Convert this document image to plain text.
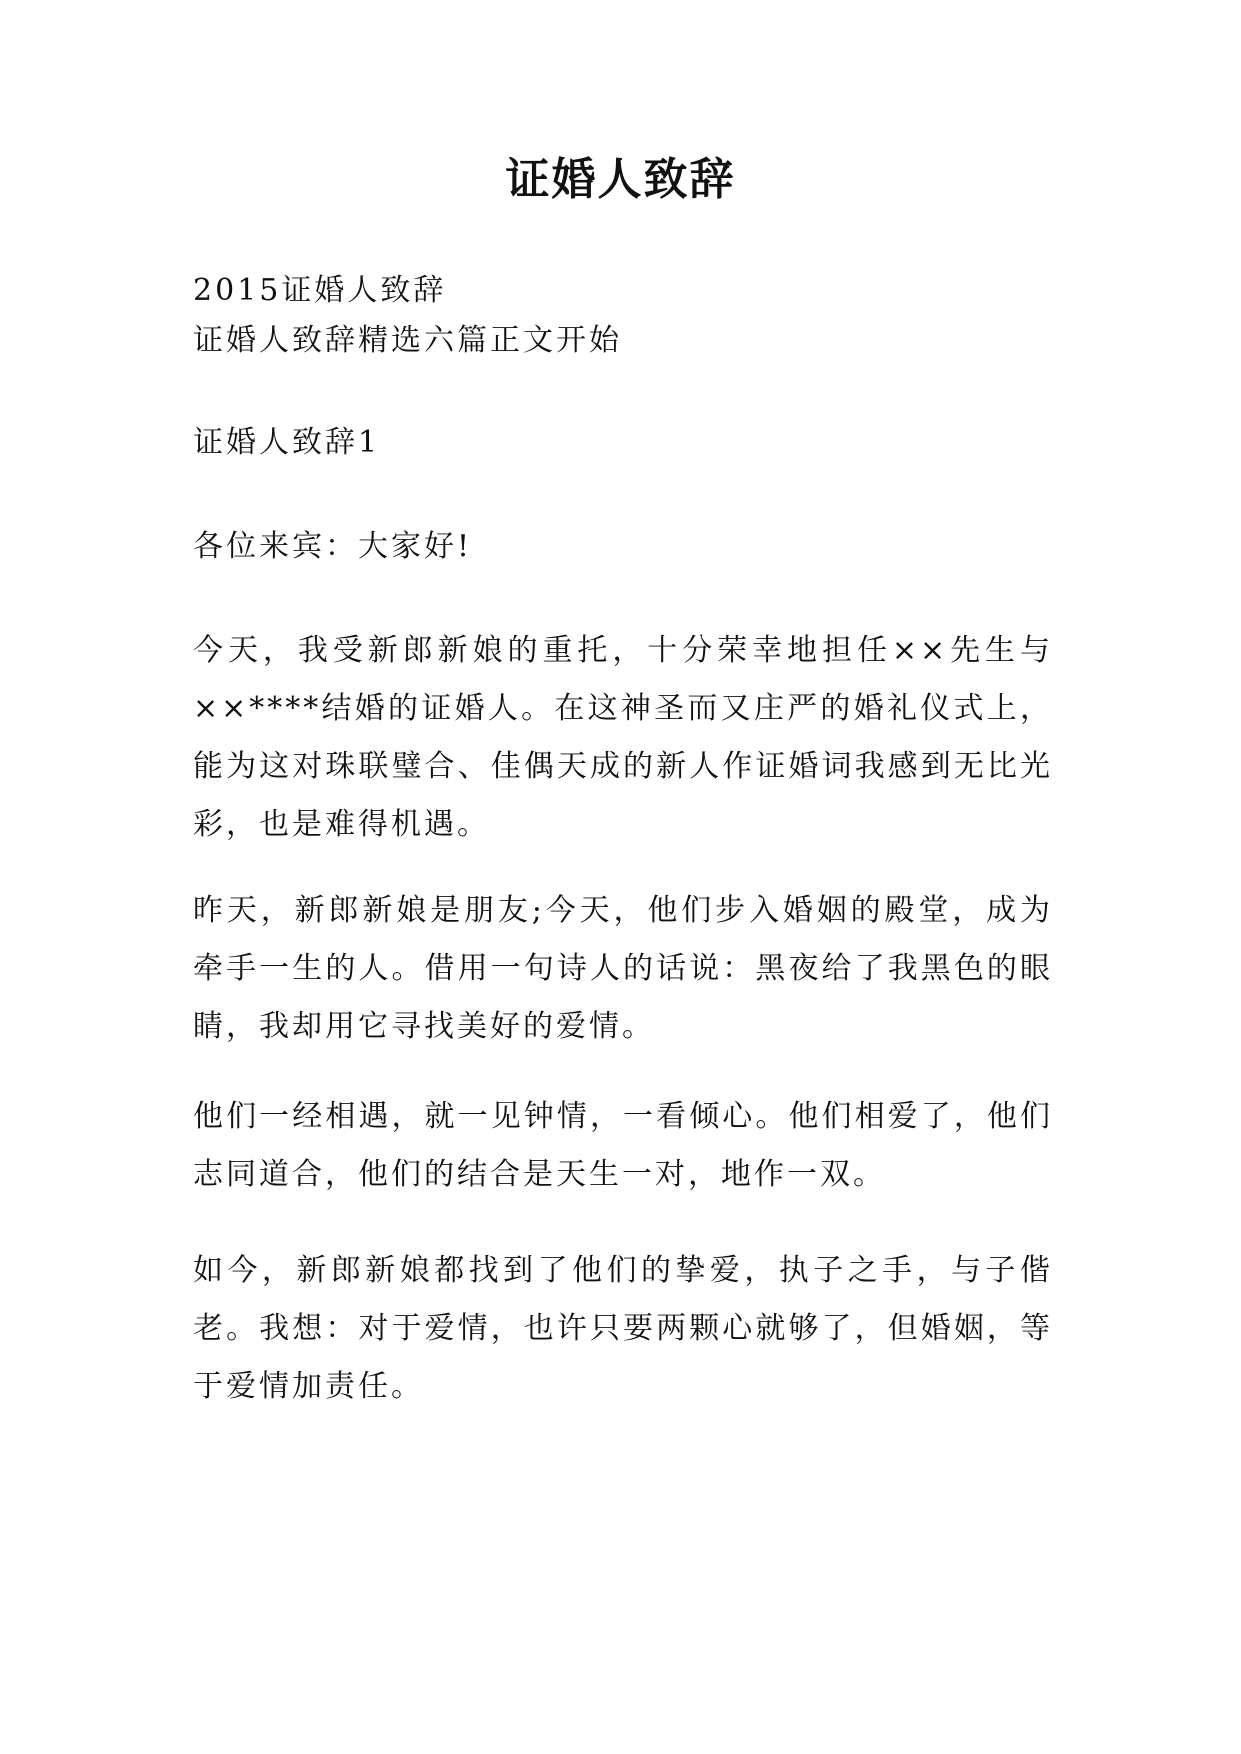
证婚人致辞

2015证婚人致辞

证婚人致辞精选六篇正文开始

证婚人致辞1

各位来宾：大家好!

今天，我受新郎新娘的重托，十分荣幸地担任××先生与××****结婚的证婚人。在这神圣而又庄严的婚礼仪式上，能为这对珠联璧合、佳偶天成的新人作证婚词我感到无比光彩，也是难得机遇。

昨天，新郎新娘是朋友;今天，他们步入婚姻的殿堂，成为牵手一生的人。借用一句诗人的话说：黑夜给了我黑色的眼睛，我却用它寻找美好的爱情。

他们一经相遇，就一见钟情，一看倾心。他们相爱了，他们志同道合，他们的结合是天生一对，地作一双。

如今，新郎新娘都找到了他们的挚爱，执子之手，与子偕老。我想：对于爱情，也许只要两颗心就够了，但婚姻，等于爱情加责任。
